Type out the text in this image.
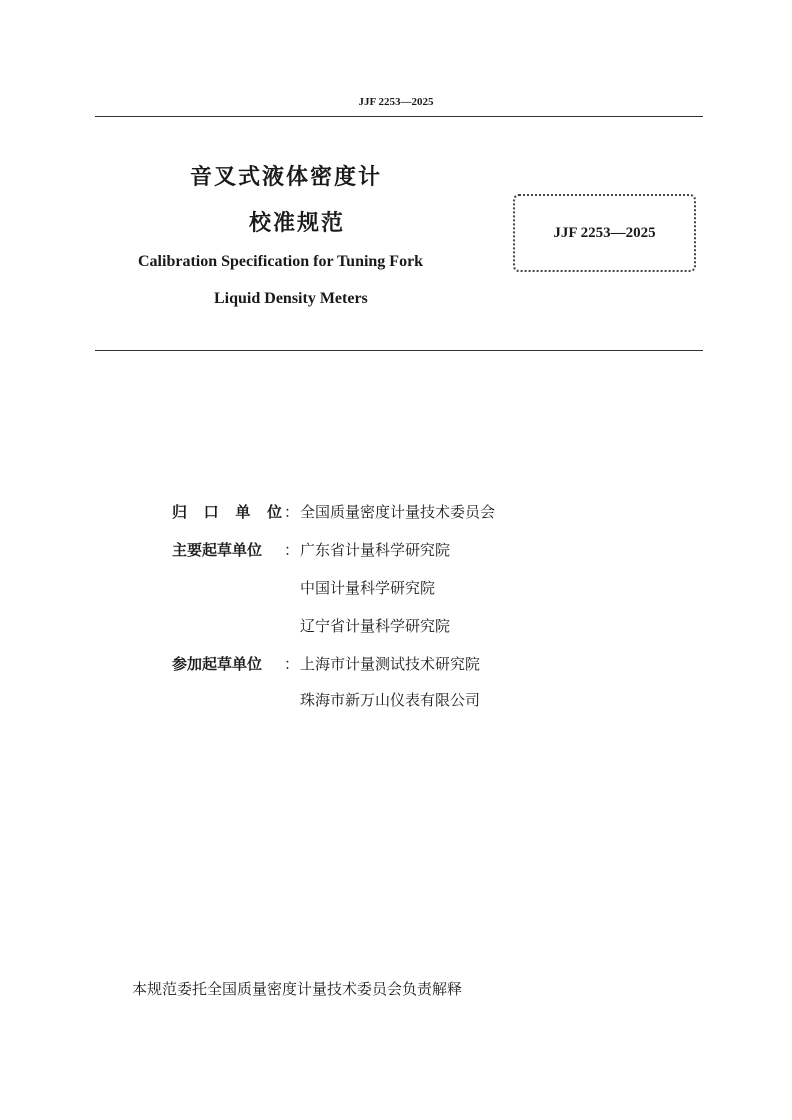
JJF 2253—2025
音叉式液体密度计
校准规范
Calibration Specification for Tuning Fork
Liquid Density Meters
JJF 2253—2025
归 口 单 位 ： 全国质量密度计量技术委员会
主要起草单位	： 广东省计量科学研究院
中国计量科学研究院
辽宁省计量科学研究院
参加起草单位	： 上海市计量测试技术研究院
珠海市新万山仪表有限公司
本规范委托全国质量密度计量技术委员会负责解释
